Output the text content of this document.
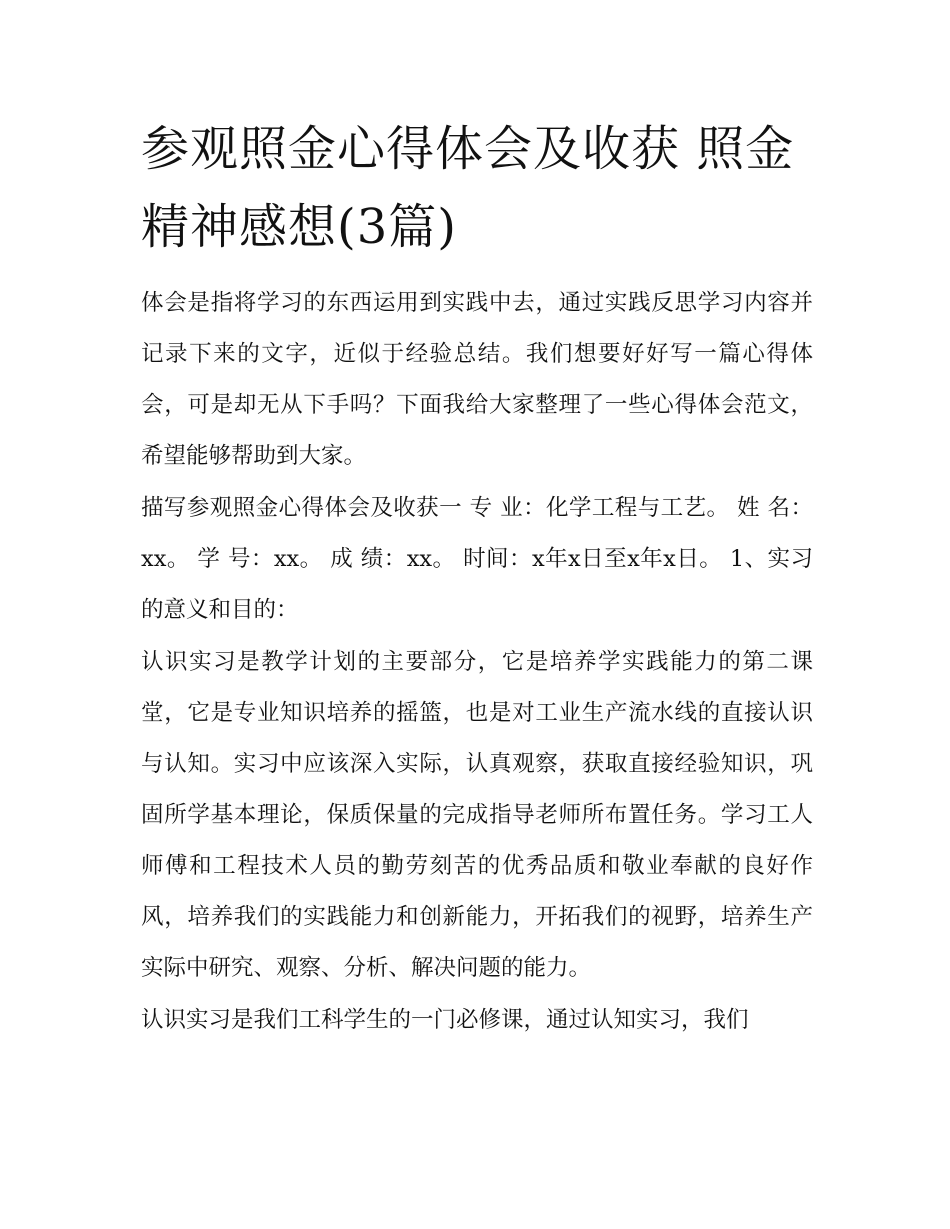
参观照金心得体会及收获 照金精神感想(3篇)

体会是指将学习的东西运用到实践中去，通过实践反思学习内容并记录下来的文字，近似于经验总结。我们想要好好写一篇心得体会，可是却无从下手吗？下面我给大家整理了一些心得体会范文，希望能够帮助到大家。

描写参观照金心得体会及收获一 专 业：化学工程与工艺。 姓 名：xx。 学 号：xx。 成 绩：xx。 时间：x年x日至x年x日。 1、实习的意义和目的：

认识实习是教学计划的主要部分，它是培养学实践能力的第二课堂，它是专业知识培养的摇篮，也是对工业生产流水线的直接认识与认知。实习中应该深入实际，认真观察，获取直接经验知识，巩固所学基本理论，保质保量的完成指导老师所布置任务。学习工人师傅和工程技术人员的勤劳刻苦的优秀品质和敬业奉献的良好作风，培养我们的实践能力和创新能力，开拓我们的视野，培养生产实际中研究、观察、分析、解决问题的能力。

认识实习是我们工科学生的一门必修课，通过认知实习，我们
